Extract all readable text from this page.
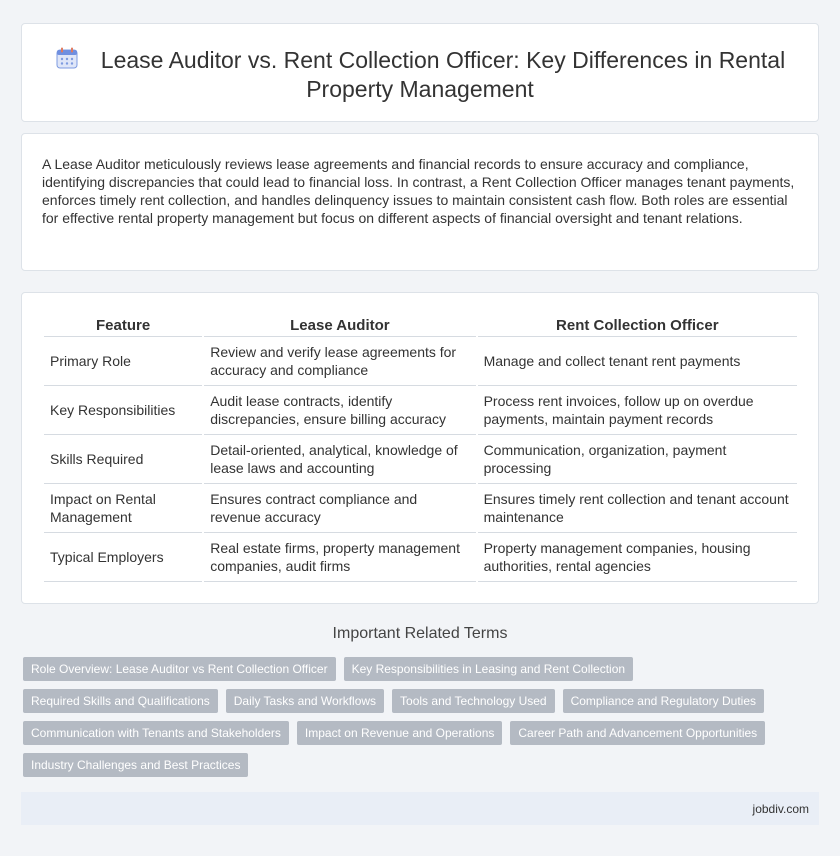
Lease Auditor vs. Rent Collection Officer: Key Differences in Rental Property Management

A Lease Auditor meticulously reviews lease agreements and financial records to ensure accuracy and compliance, identifying discrepancies that could lead to financial loss. In contrast, a Rent Collection Officer manages tenant payments, enforces timely rent collection, and handles delinquency issues to maintain consistent cash flow. Both roles are essential for effective rental property management but focus on different aspects of financial oversight and tenant relations.

Feature	Lease Auditor	Rent Collection Officer
Primary Role	Review and verify lease agreements for accuracy and compliance	Manage and collect tenant rent payments
Key Responsibilities	Audit lease contracts, identify discrepancies, ensure billing accuracy	Process rent invoices, follow up on overdue payments, maintain payment records
Skills Required	Detail-oriented, analytical, knowledge of lease laws and accounting	Communication, organization, payment processing
Impact on Rental Management	Ensures contract compliance and revenue accuracy	Ensures timely rent collection and tenant account maintenance
Typical Employers	Real estate firms, property management companies, audit firms	Property management companies, housing authorities, rental agencies
Important Related Terms
Role Overview: Lease Auditor vs Rent Collection Officer	Key Responsibilities in Leasing and Rent Collection
Required Skills and Qualifications	Daily Tasks and Workflows	Tools and Technology Used	Compliance and Regulatory Duties
Communication with Tenants and Stakeholders	Impact on Revenue and Operations	Career Path and Advancement Opportunities
Industry Challenges and Best Practices
jobdiv.com
